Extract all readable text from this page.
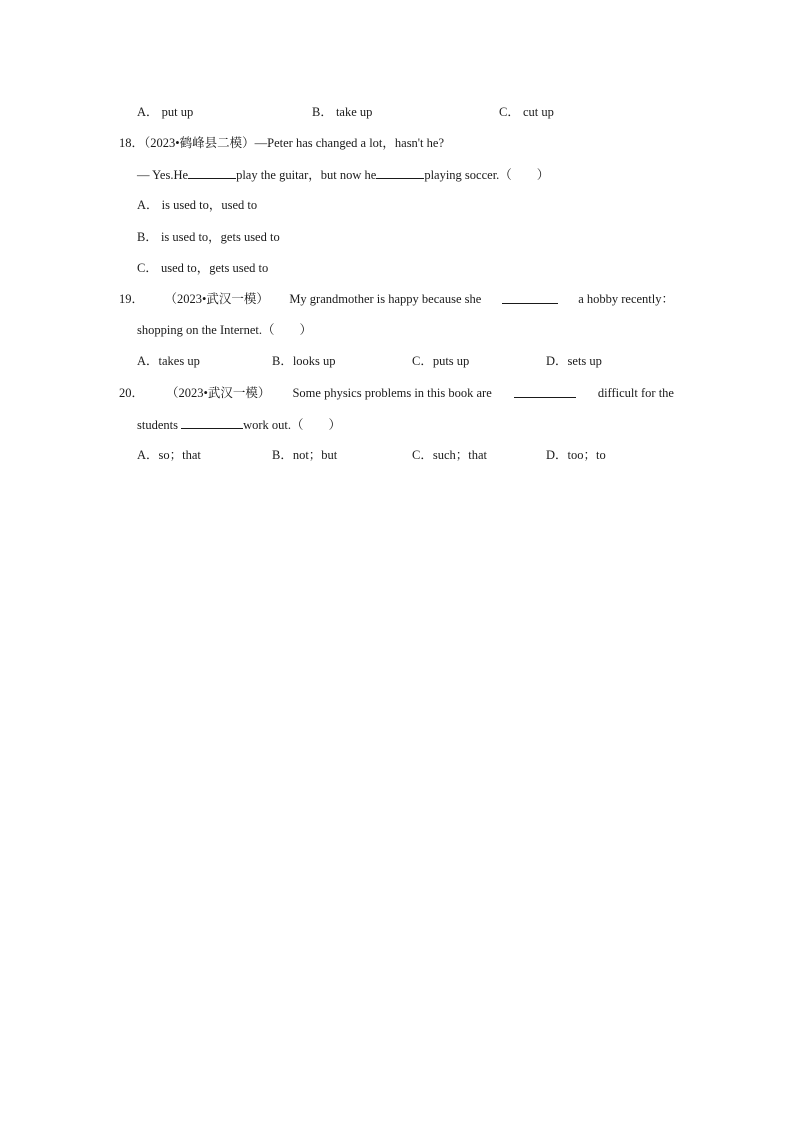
A． put up	B． take up	C． cut up
18．（2023•鹤峰县二模）—Peter has changed a lot，hasn't he?
— Yes.He	play the guitar，but now he	playing soccer.（　　）
A． is used to，used to
B． is used to，gets used to
C． used to，gets used to
19． （2023•武汉一模） My grandmother is happy because she	a hobby recently：
shopping on the Internet.（　　）
A．takes up	B．looks up	C．puts up	D．sets up
20． （2023•武汉一模） Some physics problems in this book are	difficult for the
students	work out.（　　）
A．so；that	B．not；but	C．such；that	D．too；to
